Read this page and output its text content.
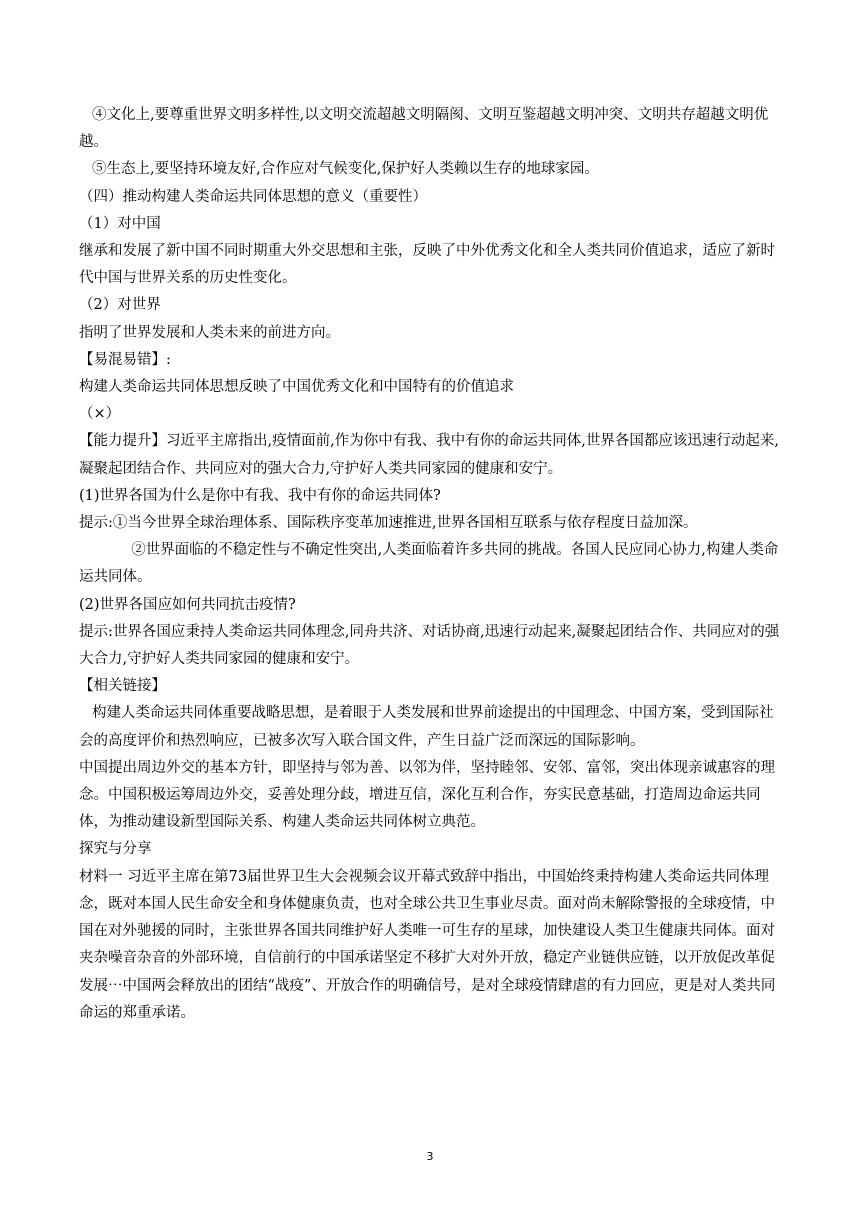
④文化上,要尊重世界文明多样性,以文明交流超越文明隔阂、文明互鉴超越文明冲突、文明共存超越文明优越。

⑤生态上,要坚持环境友好,合作应对气候变化,保护好人类赖以生存的地球家园。

（四）推动构建人类命运共同体思想的意义（重要性）

（1）对中国

继承和发展了新中国不同时期重大外交思想和主张，反映了中外优秀文化和全人类共同价值追求，适应了新时代中国与世界关系的历史性变化。

（2）对世界

指明了世界发展和人类未来的前进方向。

【易混易错】:

构建人类命运共同体思想反映了中国优秀文化和中国特有的价值追求

（×）

【能力提升】习近平主席指出,疫情面前,作为你中有我、我中有你的命运共同体,世界各国都应该迅速行动起来,凝聚起团结合作、共同应对的强大合力,守护好人类共同家园的健康和安宁。

(1)世界各国为什么是你中有我、我中有你的命运共同体?

提示:①当今世界全球治理体系、国际秩序变革加速推进,世界各国相互联系与依存程度日益加深。

②世界面临的不稳定性与不确定性突出,人类面临着许多共同的挑战。各国人民应同心协力,构建人类命运共同体。

(2)世界各国应如何共同抗击疫情?

提示:世界各国应秉持人类命运共同体理念,同舟共济、对话协商,迅速行动起来,凝聚起团结合作、共同应对的强大合力,守护好人类共同家园的健康和安宁。

【相关链接】

构建人类命运共同体重要战略思想，是着眼于人类发展和世界前途提出的中国理念、中国方案，受到国际社会的高度评价和热烈响应，已被多次写入联合国文件，产生日益广泛而深远的国际影响。

中国提出周边外交的基本方针，即坚持与邻为善、以邻为伴，坚持睦邻、安邻、富邻，突出体现亲诚惠容的理念。中国积极运筹周边外交，妥善处理分歧，增进互信，深化互利合作，夯实民意基础，打造周边命运共同体，为推动建设新型国际关系、构建人类命运共同体树立典范。

探究与分享

材料一 习近平主席在第73届世界卫生大会视频会议开幕式致辞中指出，中国始终秉持构建人类命运共同体理念，既对本国人民生命安全和身体健康负责，也对全球公共卫生事业尽责。面对尚未解除警报的全球疫情，中国在对外驰援的同时，主张世界各国共同维护好人类唯一可生存的星球，加快建设人类卫生健康共同体。面对夹杂噪音杂音的外部环境，自信前行的中国承诺坚定不移扩大对外开放，稳定产业链供应链，以开放促改革促发展⋯中国两会释放出的团结“战疫”、开放合作的明确信号，是对全球疫情肆虐的有力回应，更是对人类共同命运的郑重承诺。

3
